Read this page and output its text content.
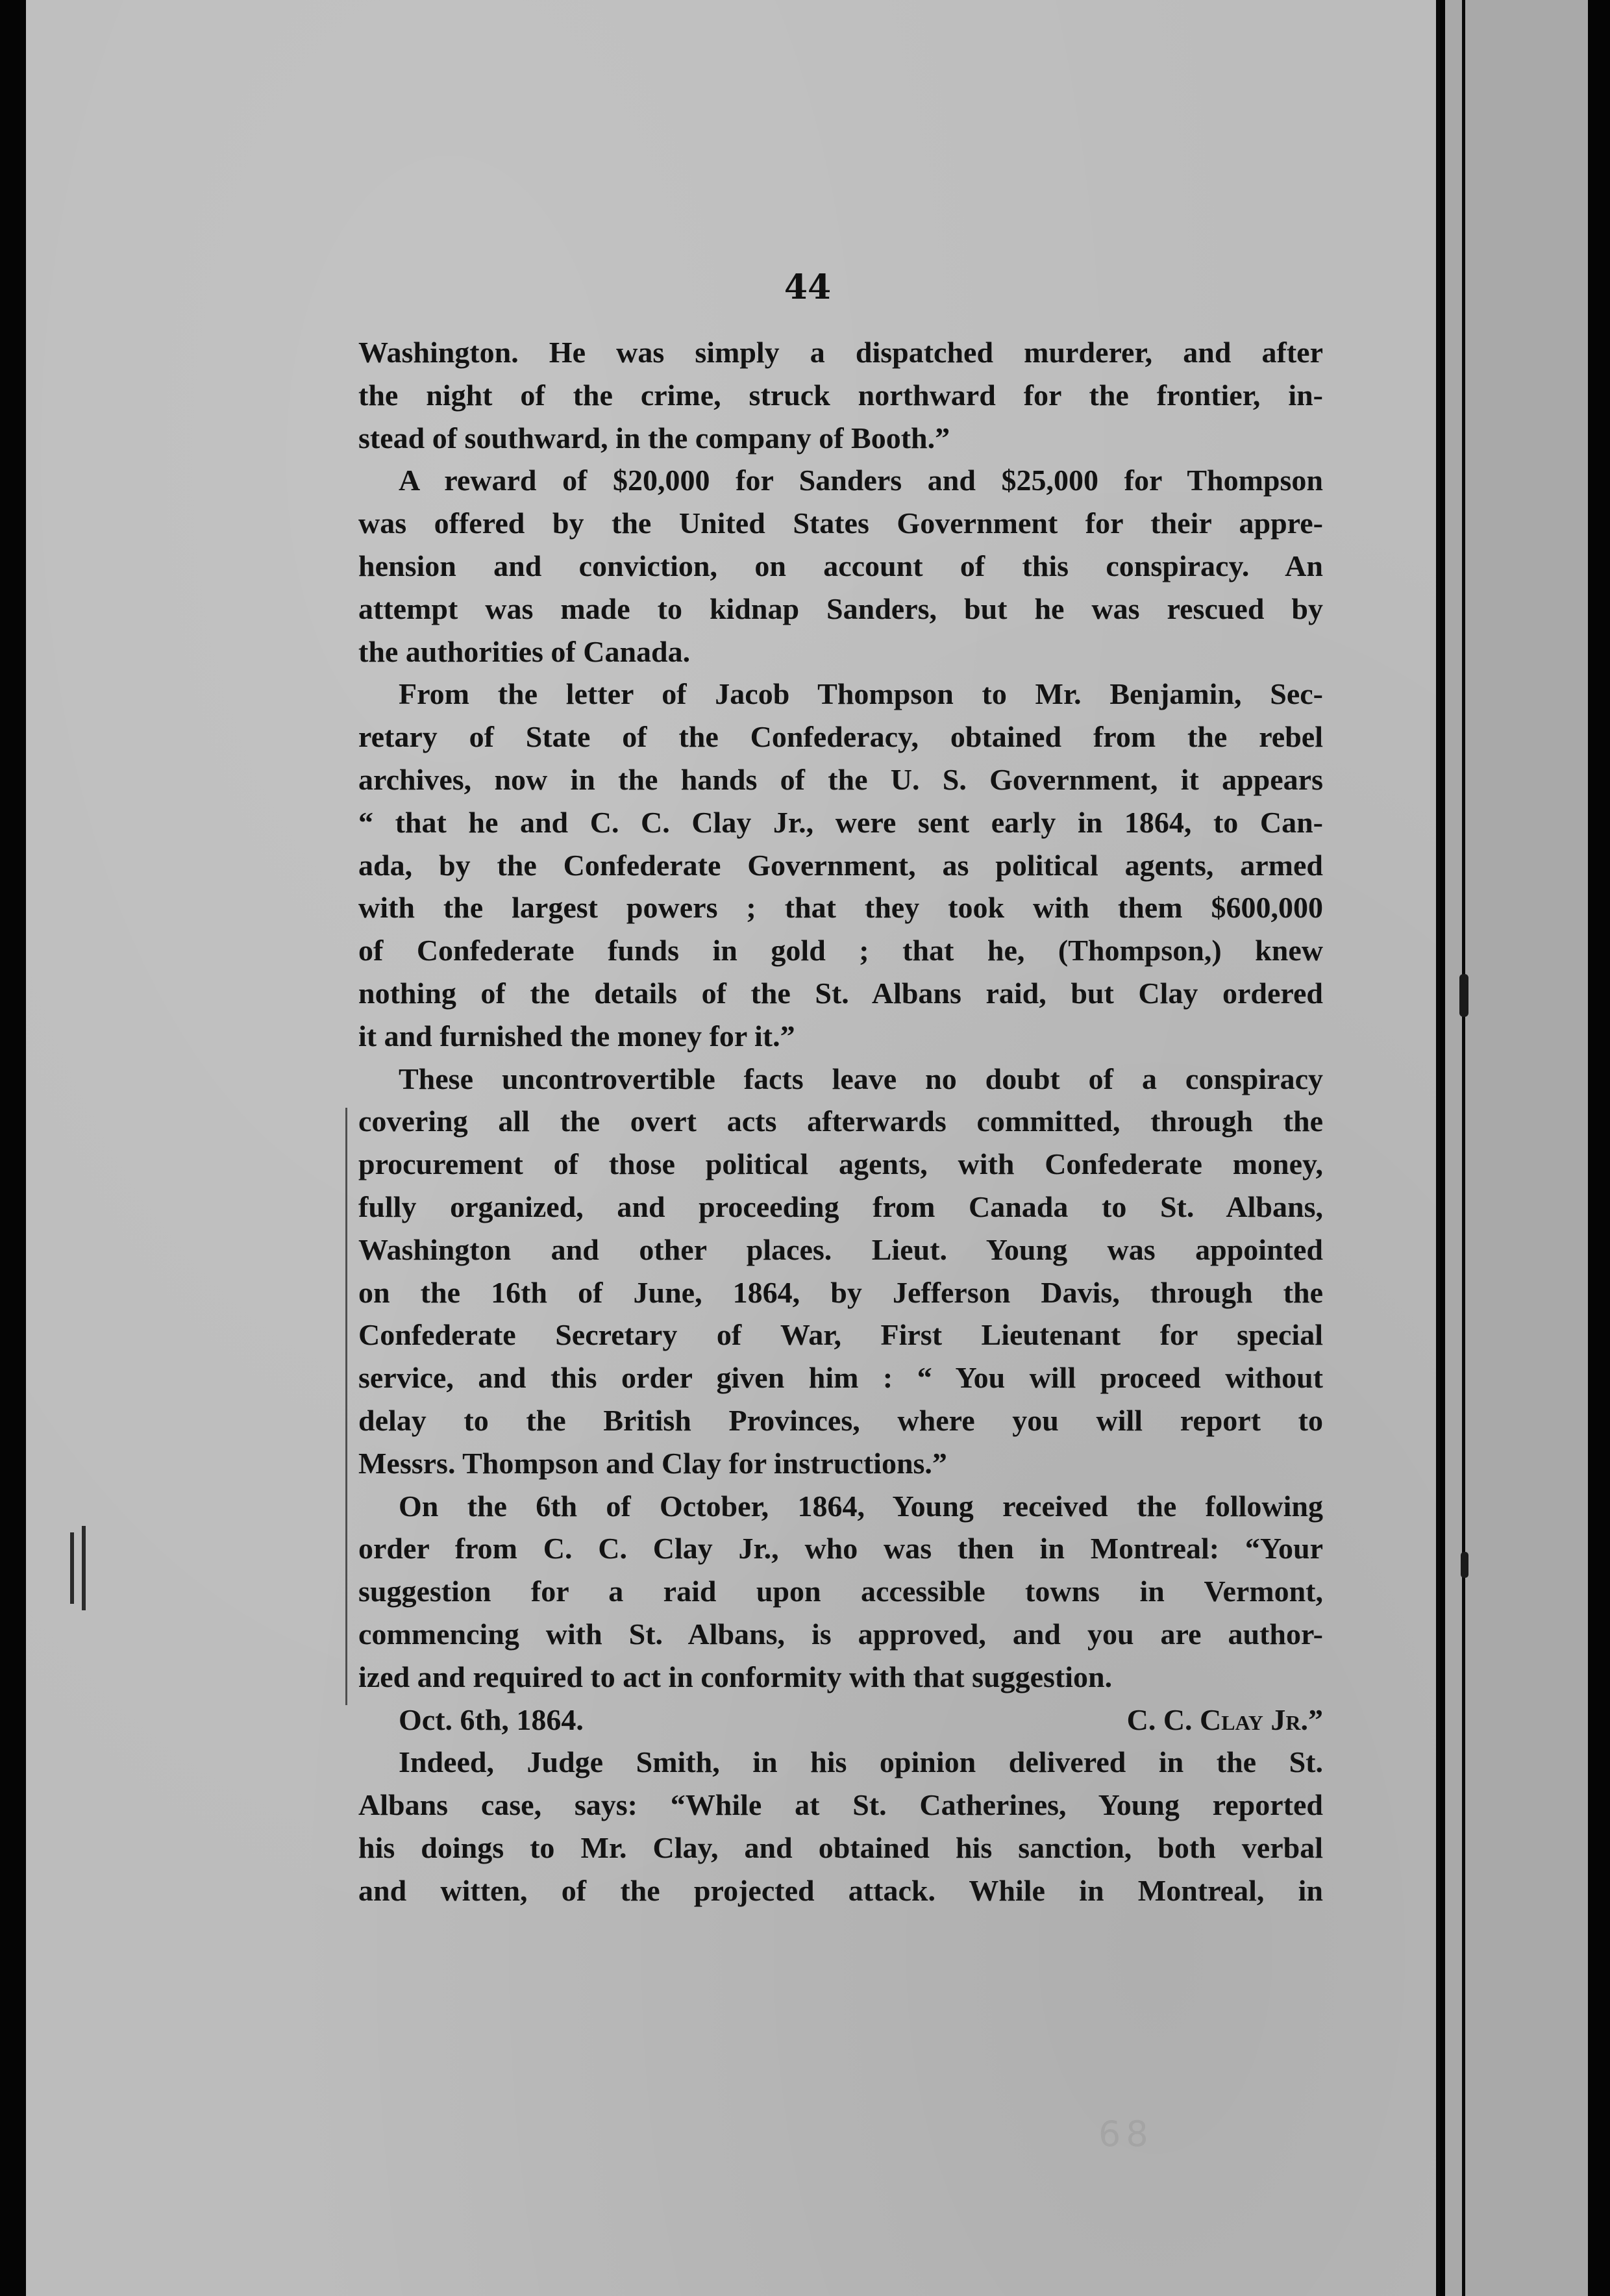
44
Washington. He was simply a dispatched murderer, and after
the night of the crime, struck northward for the frontier, in-
stead of southward, in the company of Booth.”
A reward of $20,000 for Sanders and $25,000 for Thompson
was offered by the United States Government for their appre-
hension and conviction, on account of this conspiracy. An
attempt was made to kidnap Sanders, but he was rescued by
the authorities of Canada.
From the letter of Jacob Thompson to Mr. Benjamin, Sec-
retary of State of the Confederacy, obtained from the rebel
archives, now in the hands of the U. S. Government, it appears
“ that he and C. C. Clay Jr., were sent early in 1864, to Can-
ada, by the Confederate Government, as political agents, armed
with the largest powers ; that they took with them $600,000
of Confederate funds in gold ; that he, (Thompson,) knew
nothing of the details of the St. Albans raid, but Clay ordered
it and furnished the money for it.”
These uncontrovertible facts leave no doubt of a conspiracy
covering all the overt acts afterwards committed, through the
procurement of those political agents, with Confederate money,
fully organized, and proceeding from Canada to St. Albans,
Washington and other places. Lieut. Young was appointed
on the 16th of June, 1864, by Jefferson Davis, through the
Confederate Secretary of War, First Lieutenant for special
service, and this order given him : “ You will proceed without
delay to the British Provinces, where you will report to
Messrs. Thompson and Clay for instructions.”
On the 6th of October, 1864, Young received the following
order from C. C. Clay Jr., who was then in Montreal: “Your
suggestion for a raid upon accessible towns in Vermont,
commencing with St. Albans, is approved, and you are author-
ized and required to act in conformity with that suggestion.
Oct. 6th, 1864.	C. C. Clay Jr.”
Indeed, Judge Smith, in his opinion delivered in the St.
Albans case, says: “While at St. Catherines, Young reported
his doings to Mr. Clay, and obtained his sanction, both verbal
and witten, of the projected attack. While in Montreal, in
68
